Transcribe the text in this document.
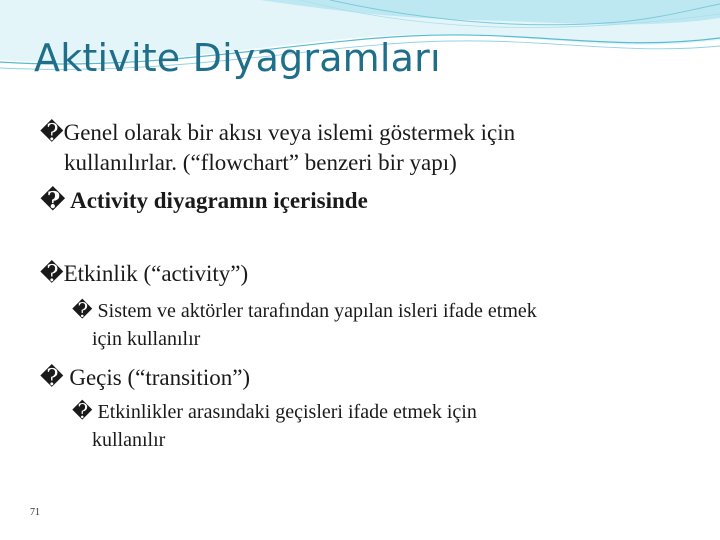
Aktivite Diyagramları
�Genel olarak bir akısı veya islemi göstermek için
kullanılırlar. (“flowchart” benzeri bir yapı)
� Activity diyagramın içerisinde
�Etkinlik (“activity”)
� Sistem ve aktörler tarafından yapılan isleri ifade etmek
için kullanılır
� Geçis (“transition”)
� Etkinlikler arasındaki geçisleri ifade etmek için
kullanılır
71
